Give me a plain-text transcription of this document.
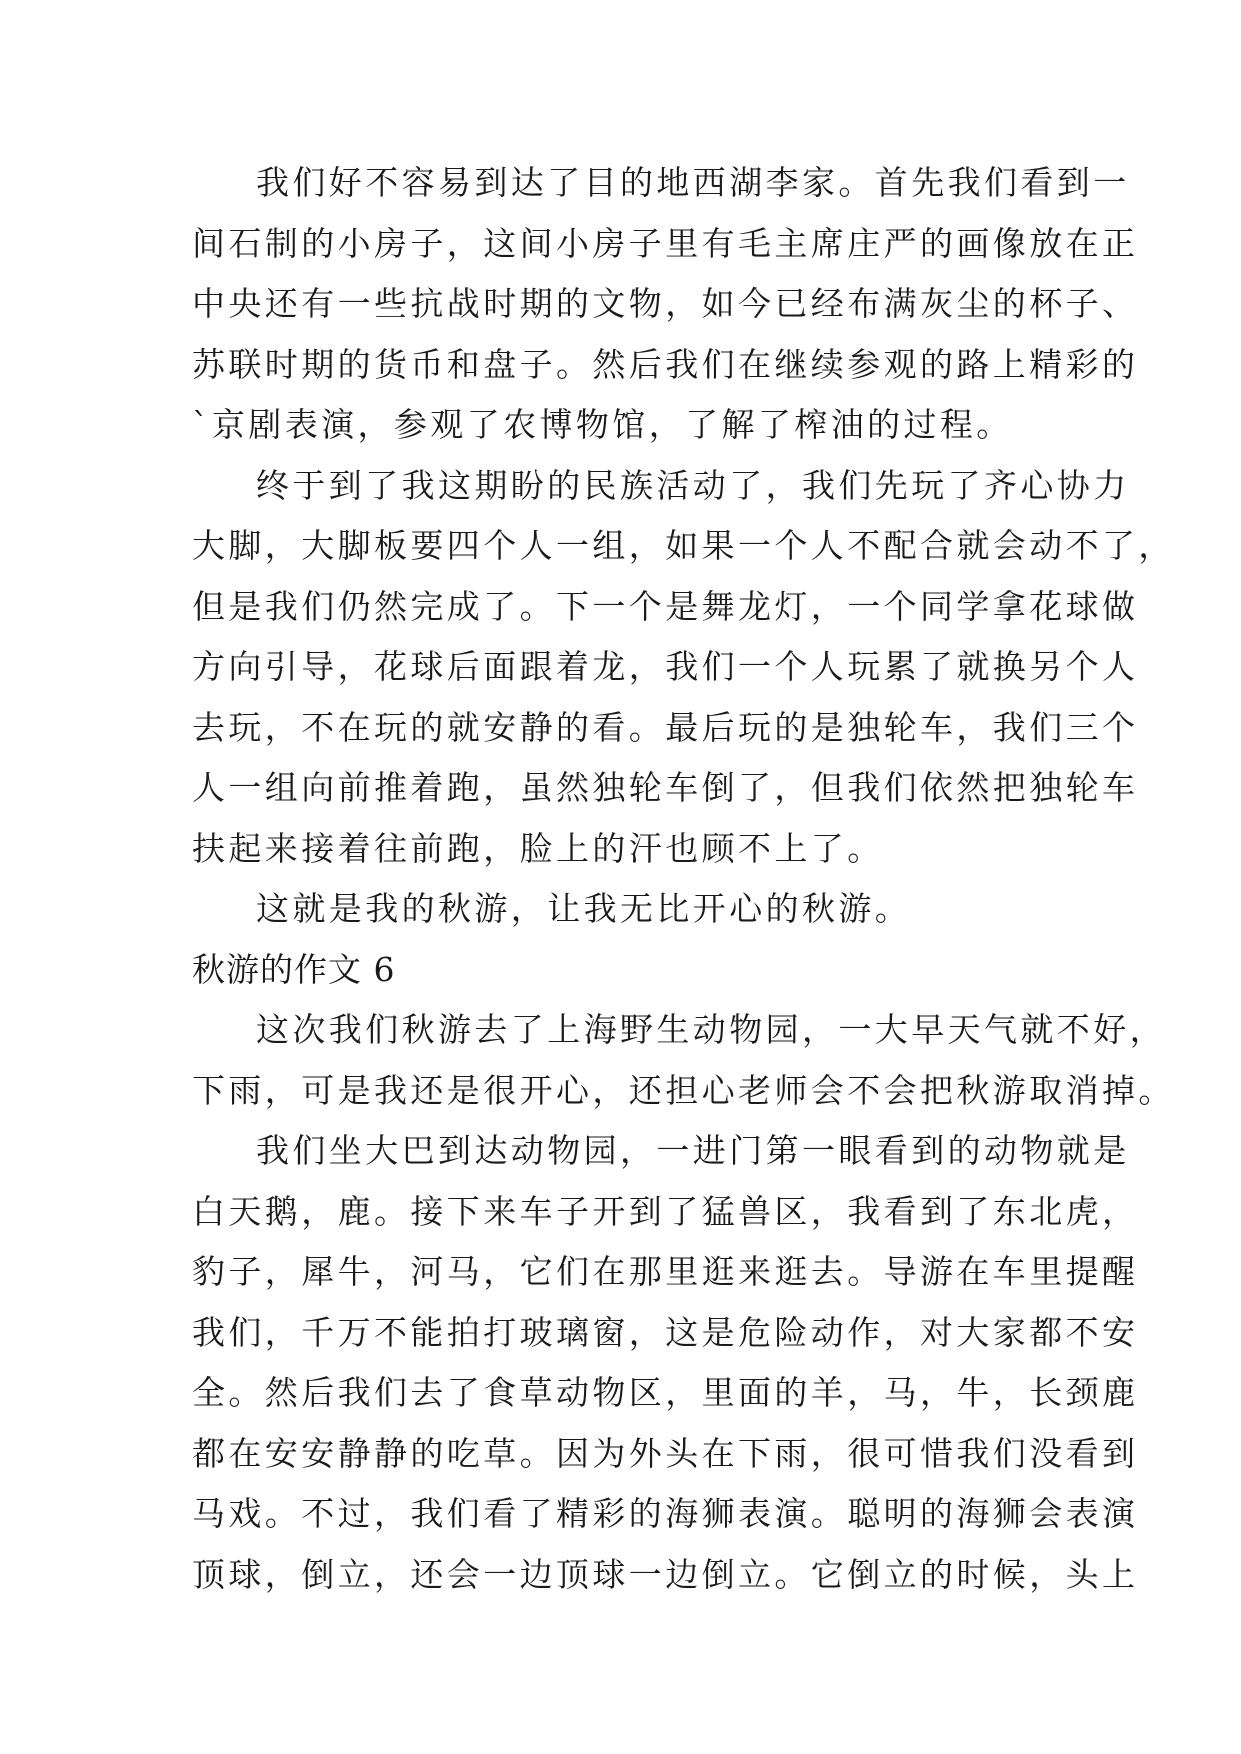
我们好不容易到达了目的地西湖李家。首先我们看到一
间石制的小房子，这间小房子里有毛主席庄严的画像放在正
中央还有一些抗战时期的文物，如今已经布满灰尘的杯子、
苏联时期的货币和盘子。然后我们在继续参观的路上精彩的
`京剧表演，参观了农博物馆，了解了榨油的过程。
终于到了我这期盼的民族活动了，我们先玩了齐心协力
大脚，大脚板要四个人一组，如果一个人不配合就会动不了，
但是我们仍然完成了。下一个是舞龙灯，一个同学拿花球做
方向引导，花球后面跟着龙，我们一个人玩累了就换另个人
去玩，不在玩的就安静的看。最后玩的是独轮车，我们三个
人一组向前推着跑，虽然独轮车倒了，但我们依然把独轮车
扶起来接着往前跑，脸上的汗也顾不上了。
这就是我的秋游，让我无比开心的秋游。
秋游的作文 6
这次我们秋游去了上海野生动物园，一大早天气就不好，
下雨，可是我还是很开心，还担心老师会不会把秋游取消掉。
我们坐大巴到达动物园，一进门第一眼看到的动物就是
白天鹅，鹿。接下来车子开到了猛兽区，我看到了东北虎，
豹子，犀牛，河马，它们在那里逛来逛去。导游在车里提醒
我们，千万不能拍打玻璃窗，这是危险动作，对大家都不安
全。然后我们去了食草动物区，里面的羊，马，牛，长颈鹿
都在安安静静的吃草。因为外头在下雨，很可惜我们没看到
马戏。不过，我们看了精彩的海狮表演。聪明的海狮会表演
顶球，倒立，还会一边顶球一边倒立。它倒立的时候，头上
